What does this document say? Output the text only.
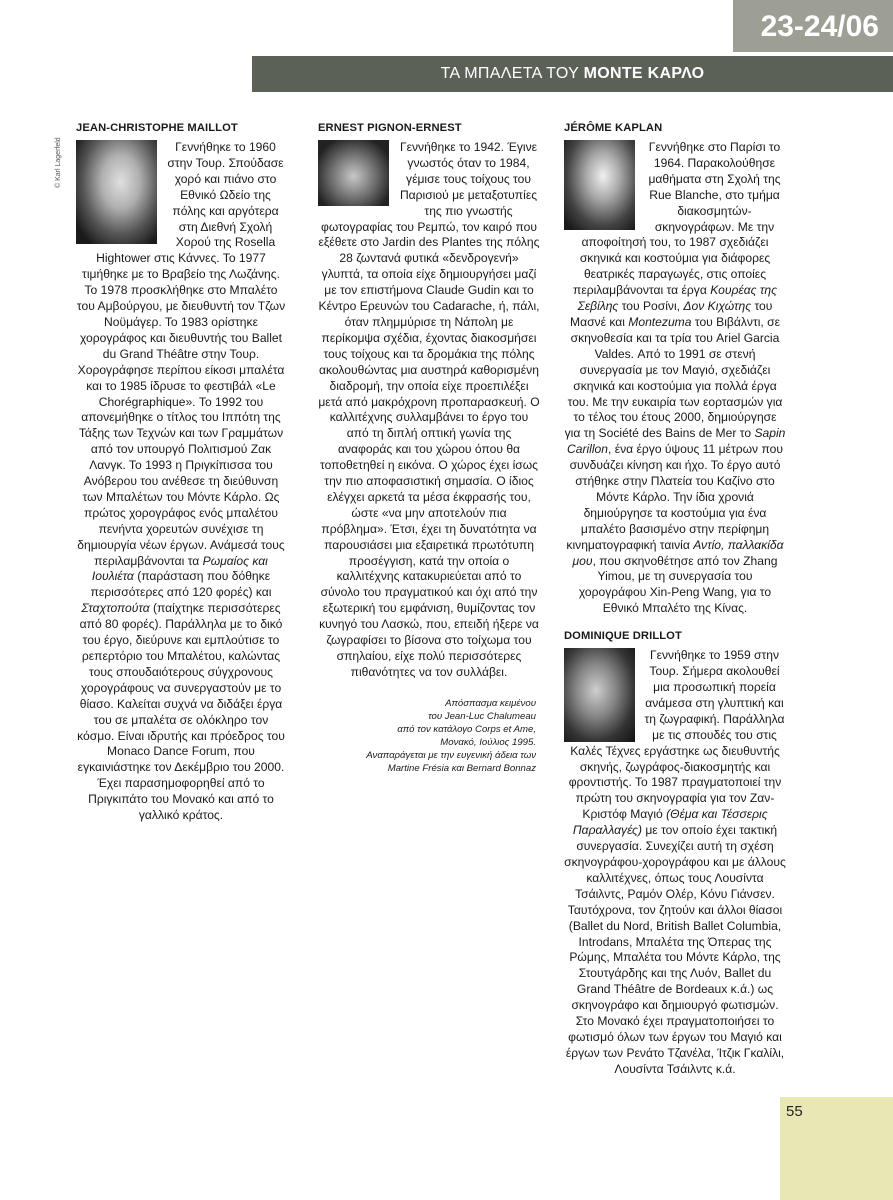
23-24/06
ΤΑ ΜΠΑΛΕΤΑ ΤΟΥ ΜΟΝΤΕ ΚΑΡΛΟ
© Karl Lagerfeld
JEAN-CHRISTOPHE MAILLOT

Γεννήθηκε το 1960 στην Τουρ. Σπούδασε χορό και πιάνο στο Εθνικό Ωδείο της πόλης και αργότερα στη Διεθνή Σχολή Χορού της Rosella Hightower στις Κάννες. Το 1977 τιμήθηκε με το Βραβείο της Λωζάνης. Το 1978 προσκλήθηκε στο Μπαλέτο του Αμβούργου, με διευθυντή τον Τζων Νοϋμάγερ. Το 1983 ορίστηκε χορογράφος και διευθυντής του Ballet du Grand Théâtre στην Τουρ. Χορογράφησε περίπου είκοσι μπαλέτα και το 1985 ίδρυσε το φεστιβάλ «Le Chorégraphique». Το 1992 του απονεμήθηκε ο τίτλος του Ιππότη της Τάξης των Τεχνών και των Γραμμάτων από τον υπουργό Πολιτισμού Ζακ Λανγκ. Το 1993 η Πριγκίπισσα του Ανόβερου του ανέθεσε τη διεύθυνση των Μπαλέτων του Μόντε Κάρλο. Ως πρώτος χορογράφος ενός μπαλέτου πενήντα χορευτών συνέχισε τη δημιουργία νέων έργων. Ανάμεσά τους περιλαμβάνονται τα Ρωμαίος και Ιουλιέτα (παράσταση που δόθηκε περισσότερες από 120 φορές) και Σταχτοπούτα (παίχτηκε περισσότερες από 80 φορές). Παράλληλα με το δικό του έργο, διεύρυνε και εμπλούτισε το ρεπερτόριο του Μπαλέτου, καλώντας τους σπουδαιότερους σύγχρονους χορογράφους να συνεργαστούν με το θίασο. Καλείται συχνά να διδάξει έργα του σε μπαλέτα σε ολόκληρο τον κόσμο. Είναι ιδρυτής και πρόεδρος του Monaco Dance Forum, που εγκαινιάστηκε τον Δεκέμβριο του 2000. Έχει παρασημοφορηθεί από το Πριγκιπάτο του Μονακό και από το γαλλικό κράτος.

ERNEST PIGNON-ERNEST

Γεννήθηκε το 1942. Έγινε γνωστός όταν το 1984, γέμισε τους τοίχους του Παρισιού με μεταξοτυπίες της πιο γνωστής φωτογραφίας του Ρεμπώ, τον καιρό που εξέθετε στο Jardin des Plantes της πόλης 28 ζωντανά φυτικά «δενδρογενή» γλυπτά, τα οποία είχε δημιουργήσει μαζί με τον επιστήμονα Claude Gudin και το Κέντρο Ερευνών του Cadarache, ή, πάλι, όταν πλημμύρισε τη Νάπολη με περίκομψα σχέδια, έχοντας διακοσμήσει τους τοίχους και τα δρομάκια της πόλης ακολουθώντας μια αυστηρά καθορισμένη διαδρομή, την οποία είχε προεπιλέξει μετά από μακρόχρονη προπαρασκευή. Ο καλλιτέχνης συλλαμβάνει το έργο του από τη διπλή οπτική γωνία της αναφοράς και του χώρου όπου θα τοποθετηθεί η εικόνα. Ο χώρος έχει ίσως την πιο αποφασιστική σημασία. Ο ίδιος ελέγχει αρκετά τα μέσα έκφρασής του, ώστε «να μην αποτελούν πια πρόβλημα». Έτσι, έχει τη δυνατότητα να παρουσιάσει μια εξαιρετικά πρωτότυπη προσέγγιση, κατά την οποία ο καλλιτέχνης κατακυριεύεται από το σύνολο του πραγματικού και όχι από την εξωτερική του εμφάνιση, θυμίζοντας τον κυνηγό του Λασκώ, που, επειδή ήξερε να ζωγραφίσει το βίσονα στο τοίχωμα του σπηλαίου, είχε πολύ περισσότερες πιθανότητες να τον συλλάβει.

Απόσπασμα κειμένου
του Jean-Luc Chalumeau
από τον κατάλογο Corps et Ame,
Μονακό, Ιούλιος 1995.
Αναπαράγεται με την ευγενική άδεια των
Martine Frésia και Bernard Bonnaz
JÉRÔME KAPLAN

Γεννήθηκε στο Παρίσι το 1964. Παρακολούθησε μαθήματα στη Σχολή της Rue Blanche, στο τμήμα διακοσμητών-σκηνογράφων. Με την αποφοίτησή του, το 1987 σχεδιάζει σκηνικά και κοστούμια για διάφορες θεατρικές παραγωγές, στις οποίες περιλαμβάνονται τα έργα Κουρέας της Σεβίλης του Ροσίνι, Δον Κιχώτης του Μασνέ και Montezuma του Βιβάλντι, σε σκηνοθεσία και τα τρία του Ariel Garcia Valdes. Από το 1991 σε στενή συνεργασία με τον Μαγιό, σχεδιάζει σκηνικά και κοστούμια για πολλά έργα του. Με την ευκαιρία των εορτασμών για το τέλος του έτους 2000, δημιούργησε για τη Société des Bains de Mer το Sapin Carillon, ένα έργο ύψους 11 μέτρων που συνδυάζει κίνηση και ήχο. Το έργο αυτό στήθηκε στην Πλατεία του Καζίνο στο Μόντε Κάρλο. Την ίδια χρονιά δημιούργησε τα κοστούμια για ένα μπαλέτο βασισμένο στην περίφημη κινηματογραφική ταινία Αντίο, παλλακίδα μου, που σκηνοθέτησε από τον Zhang Yimou, με τη συνεργασία του χορογράφου Xin-Peng Wang, για το Εθνικό Μπαλέτο της Κίνας.

DOMINIQUE DRILLOT

Γεννήθηκε το 1959 στην Τουρ. Σήμερα ακολουθεί μια προσωπική πορεία ανάμεσα στη γλυπτική και τη ζωγραφική. Παράλληλα με τις σπουδές του στις Καλές Τέχνες εργάστηκε ως διευθυντής σκηνής, ζωγράφος-διακοσμητής και φροντιστής. Το 1987 πραγματοποιεί την πρώτη του σκηνογραφία για τον Ζαν-Κριστόφ Μαγιό (Θέμα και Τέσσερις Παραλλαγές) με τον οποίο έχει τακτική συνεργασία. Συνεχίζει αυτή τη σχέση σκηνογράφου-χορογράφου και με άλλους καλλιτέχνες, όπως τους Λουσίντα Τσάιλντς, Ραμόν Ολέρ, Κόνυ Γιάνσεν. Ταυτόχρονα, τον ζητούν και άλλοι θίασοι (Ballet du Nord, British Ballet Columbia, Introdans, Μπαλέτα της Όπερας της Ρώμης, Μπαλέτα του Μόντε Κάρλο, της Στουτγάρδης και της Λυόν, Ballet du Grand Théâtre de Bordeaux κ.ά.) ως σκηνογράφο και δημιουργό φωτισμών. Στο Μονακό έχει πραγματοποιήσει το φωτισμό όλων των έργων του Μαγιό και έργων των Ρενάτο Τζανέλα, Ίτζικ Γκαλίλι, Λουσίντα Τσάιλντς κ.ά.

55
